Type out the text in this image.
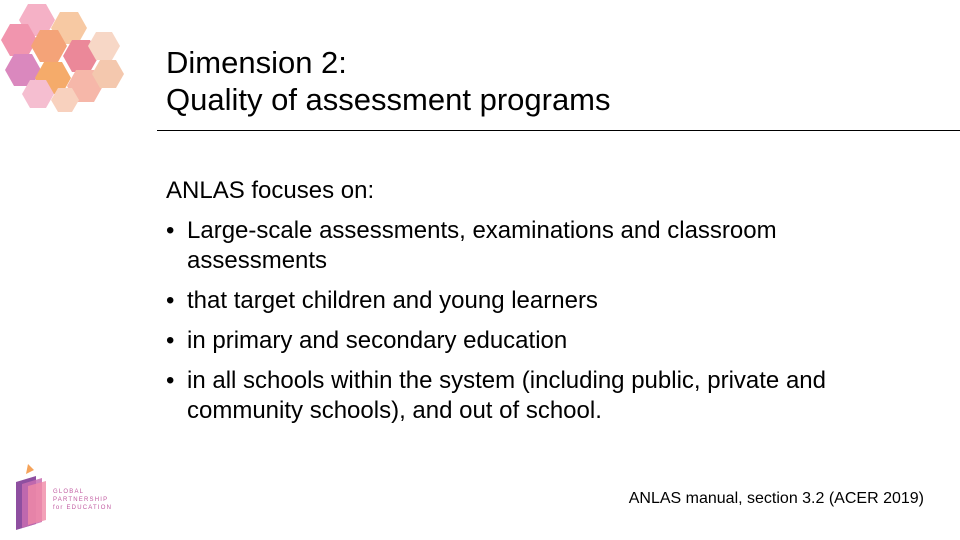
Dimension 2:
Quality of assessment programs
ANLAS focuses on:
• Large-scale assessments, examinations and classroom assessments
• that target children and young learners
• in primary and secondary education
• in all schools within the system (including public, private and community schools), and out of school.
GLOBAL
PARTNERSHIP
for EDUCATION
ANLAS manual, section 3.2 (ACER 2019)
